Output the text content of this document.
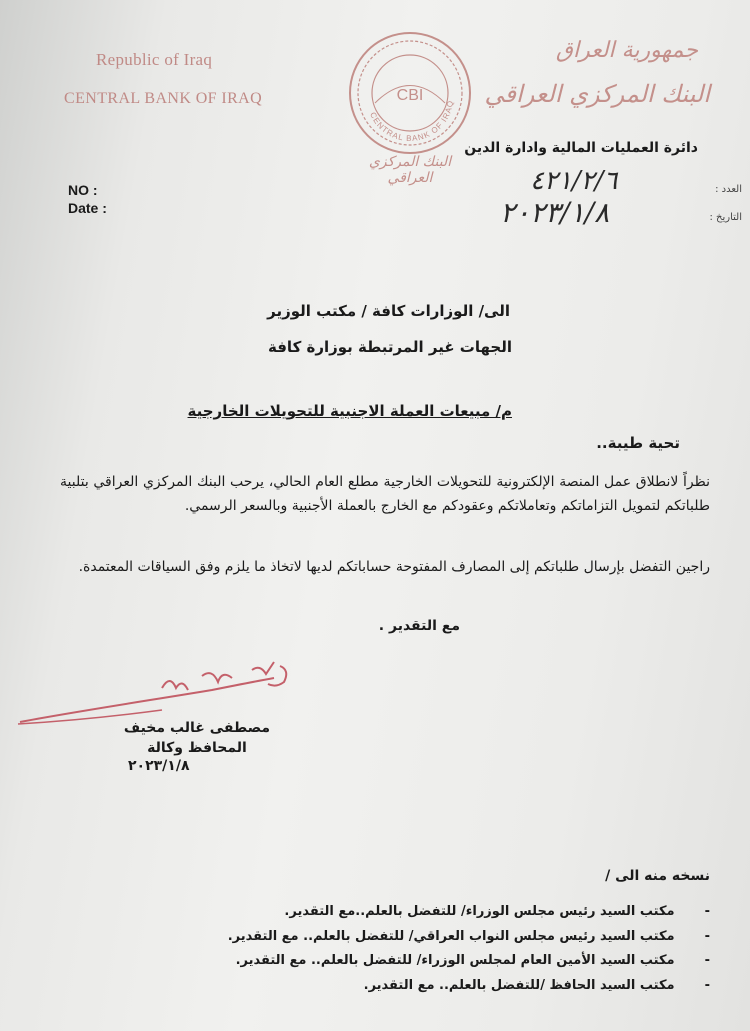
Republic of Iraq
CENTRAL BANK OF IRAQ
جمهورية العراق
البنك المركزي العراقي
CBI
CENTRAL BANK OF IRAQ
البنك المركزي العراقي
دائرة العمليات المالية وادارة الدين
NO :
Date :
العدد :
التاريخ :
٤٢١/٢/٦
٢٠٢٣/١/٨
الى/ الوزارات كافة / مكتب الوزير
الجهات غير المرتبطة بوزارة كافة
م/ مبيعات العملة الاجنبية للتحويلات الخارجية
تحية طيبة..
نظراً لانطلاق عمل المنصة الإلكترونية للتحويلات الخارجية مطلع العام الحالي، يرحب البنك المركزي العراقي بتلبية طلباتكم لتمويل التزاماتكم وتعاملاتكم وعقودكم مع الخارج بالعملة الأجنبية وبالسعر الرسمي.
راجين التفضل بإرسال طلباتكم إلى المصارف المفتوحة حساباتكم لديها لاتخاذ ما يلزم وفق السياقات المعتمدة.
مع التقدير .
مصطفى غالب مخيف
المحافظ وكالة
٢٠٢٣/١/٨
نسخه منه الى /
- مكتب السيد رئيس مجلس الوزراء/ للتفضل بالعلم..مع التقدير.
- مكتب السيد رئيس مجلس النواب العراقي/ للتفضل بالعلم.. مع التقدير.
- مكتب السيد الأمين العام لمجلس الوزراء/ للتفضل بالعلم.. مع التقدير.
- مكتب السيد الحافظ /للتفضل بالعلم.. مع التقدير.
